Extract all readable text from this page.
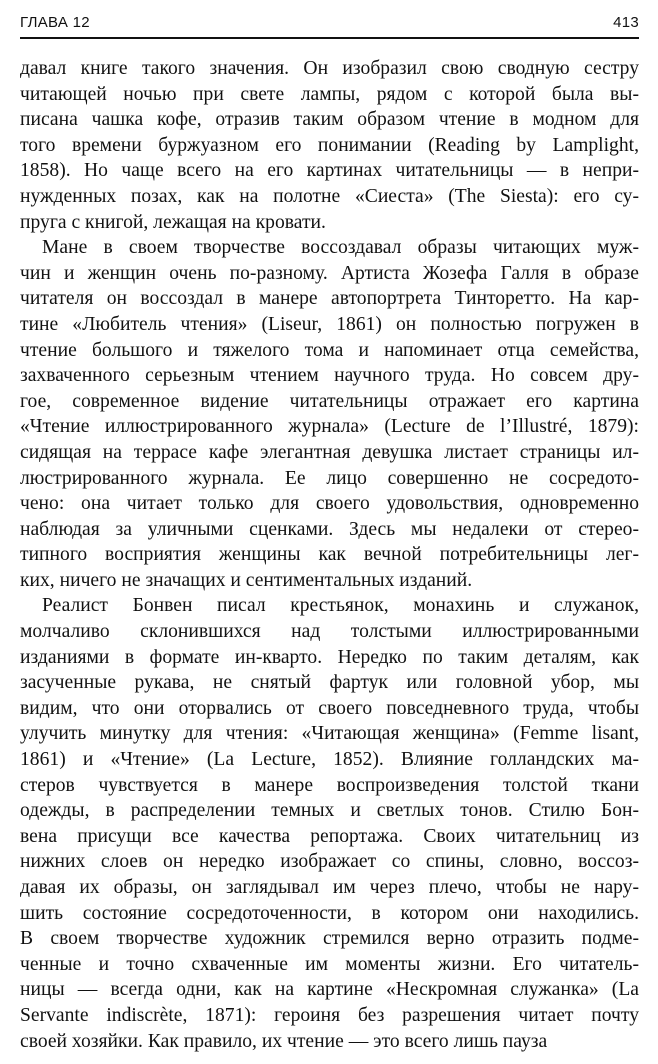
ГЛАВА 12	413
давал книге такого значения. Он изобразил свою сводную сестру
читающей ночью при свете лампы, рядом с которой была вы-
писана чашка кофе, отразив таким образом чтение в модном для
того времени буржуазном его понимании (Reading by Lamplight,
1858). Но чаще всего на его картинах читательницы — в непри-
нужденных позах, как на полотне «Сиеста» (The Siesta): его су-
пруга с книгой, лежащая на кровати.
Мане в своем творчестве воссоздавал образы читающих муж-
чин и женщин очень по-разному. Артиста Жозефа Галля в образе
читателя он воссоздал в манере автопортрета Тинторетто. На кар-
тине «Любитель чтения» (Liseur, 1861) он полностью погружен в
чтение большого и тяжелого тома и напоминает отца семейства,
захваченного серьезным чтением научного труда. Но совсем дру-
гое, современное видение читательницы отражает его картина
«Чтение иллюстрированного журнала» (Lecture de l’Illustré, 1879):
сидящая на террасе кафе элегантная девушка листает страницы ил-
люстрированного журнала. Ее лицо совершенно не сосредото-
чено: она читает только для своего удовольствия, одновременно
наблюдая за уличными сценками. Здесь мы недалеки от стерео-
типного восприятия женщины как вечной потребительницы лег-
ких, ничего не значащих и сентиментальных изданий.
Реалист Бонвен писал крестьянок, монахинь и служанок,
молчаливо склонившихся над толстыми иллюстрированными
изданиями в формате ин-кварто. Нередко по таким деталям, как
засученные рукава, не снятый фартук или головной убор, мы
видим, что они оторвались от своего повседневного труда, чтобы
улучить минутку для чтения: «Читающая женщина» (Femme lisant,
1861) и «Чтение» (La Lecture, 1852). Влияние голландских ма-
стеров чувствуется в манере воспроизведения толстой ткани
одежды, в распределении темных и светлых тонов. Стилю Бон-
вена присущи все качества репортажа. Своих читательниц из
нижних слоев он нередко изображает со спины, словно, воссоз-
давая их образы, он заглядывал им через плечо, чтобы не нару-
шить состояние сосредоточенности, в котором они находились.
В своем творчестве художник стремился верно отразить подме-
ченные и точно схваченные им моменты жизни. Его читатель-
ницы — всегда одни, как на картине «Нескромная служанка» (La
Servante indiscrète, 1871): героиня без разрешения читает почту
своей хозяйки. Как правило, их чтение — это всего лишь пауза
